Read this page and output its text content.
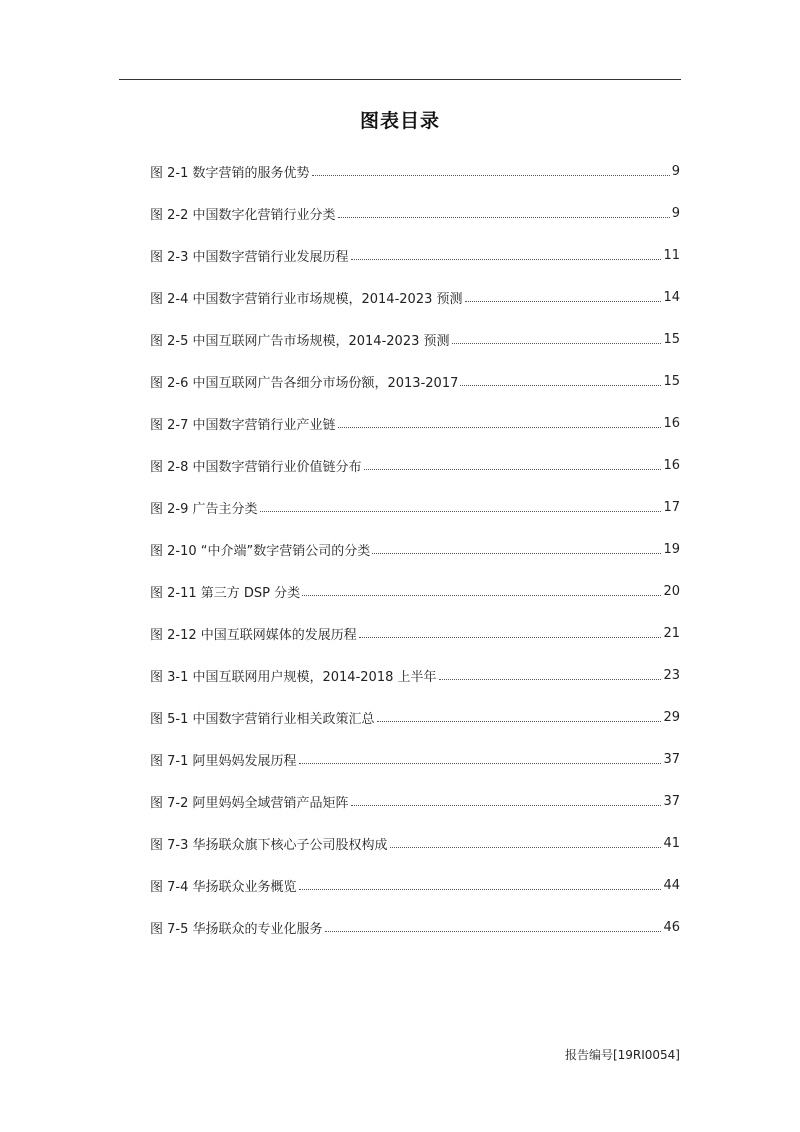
图表目录
图 2-1 数字营销的服务优势	9
图 2-2 中国数字化营销行业分类	9
图 2-3 中国数字营销行业发展历程	11
图 2-4 中国数字营销行业市场规模，2014-2023 预测	14
图 2-5 中国互联网广告市场规模，2014-2023 预测	15
图 2-6 中国互联网广告各细分市场份额，2013-2017	15
图 2-7 中国数字营销行业产业链	16
图 2-8 中国数字营销行业价值链分布	16
图 2-9 广告主分类	17
图 2-10 “中介端”数字营销公司的分类	19
图 2-11 第三方 DSP 分类	20
图 2-12 中国互联网媒体的发展历程	21
图 3-1 中国互联网用户规模，2014-2018 上半年	23
图 5-1 中国数字营销行业相关政策汇总	29
图 7-1 阿里妈妈发展历程	37
图 7-2 阿里妈妈全域营销产品矩阵	37
图 7-3 华扬联众旗下核心子公司股权构成	41
图 7-4 华扬联众业务概览	44
图 7-5 华扬联众的专业化服务	46
报告编号[19RI0054]
